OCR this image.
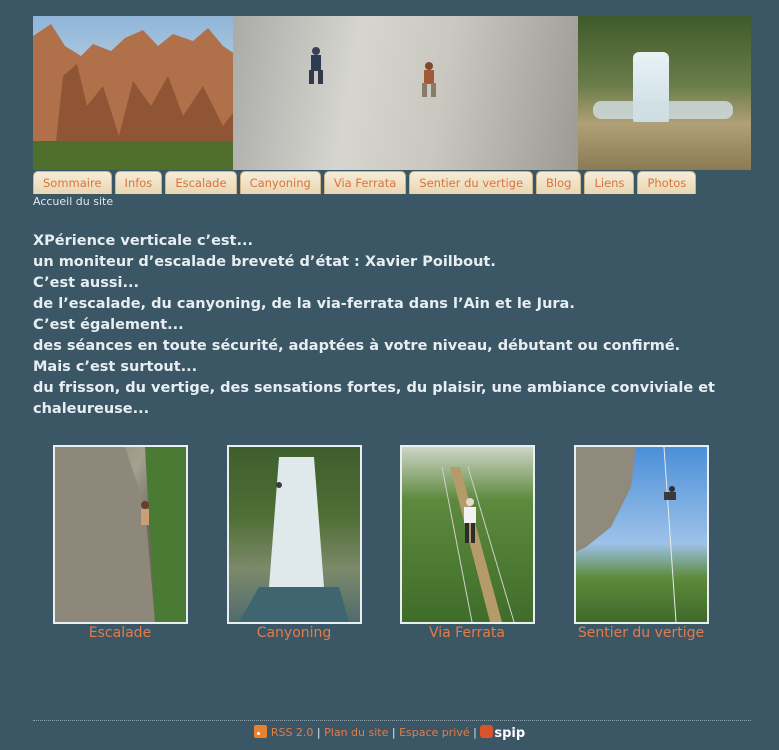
Sommaire	Infos	Escalade	Canyoning	Via Ferrata	Sentier du vertige	Blog	Liens	Photos
Accueil du site
XPérience verticale c’est...
un moniteur d’escalade breveté d’état : Xavier Poilbout.
C’est aussi...
de l’escalade, du canyoning, de la via-ferrata dans l’Ain et le Jura.
C’est également...
des séances en toute sécurité, adaptées à votre niveau, débutant ou confirmé.
Mais c’est surtout...
du frisson, du vertige, des sensations fortes, du plaisir, une ambiance conviviale et chaleureuse...
Escalade	Canyoning	Via Ferrata	Sentier du vertige
RSS 2.0 | Plan du site | Espace privé | spip
